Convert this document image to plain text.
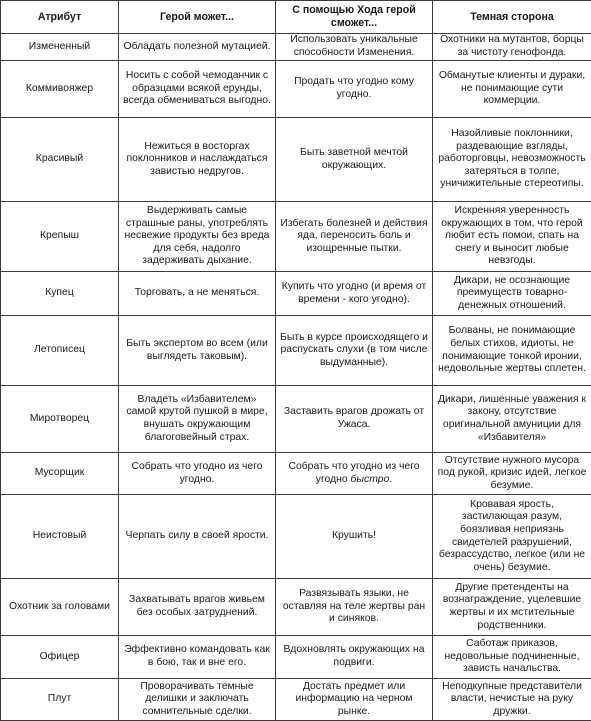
Атрибут	Герой может...	С помощью Хода герой сможет...	Темная сторона
Измененный	Обладать полезной мутацией.	Использовать уникальные способности Изменения.	Охотники на мутантов, борцы за чистоту генофонда.
Коммивояжер	Носить с собой чемоданчик с образцами всякой ерунды, всегда обмениваться выгодно.	Продать что угодно кому угодно.	Обманутые клиенты и дураки, не понимающие сути коммерции.
Красивый	Нежиться в восторгах поклонников и наслаждаться завистью недругов.	Быть заветной мечтой окружающих.	Назойливые поклонники, раздевающие взгляды, работорговцы, невозможность затеряться в толпе, уничижительные стереотипы.
Крепыш	Выдерживать самые страшные раны, употреблять несвежие продукты без вреда для себя, надолго задерживать дыхание.	Избегать болезней и действия яда, переносить боль и изощренные пытки.	Искренняя уверенность окружающих в том, что герой любит есть помои, спать на снегу и выносит любые невзгоды.
Купец	Торговать, а не меняться.	Купить что угодно (и время от времени - кого угодно).	Дикари, не осознающие преимуществ товарно-денежных отношений.
Летописец	Быть экспертом во всем (или выглядеть таковым).	Быть в курсе происходящего и распускать слухи (в том числе выдуманные).	Болваны, не понимающие белых стихов, идиоты, не понимающие тонкой иронии, недовольные жертвы сплетен.
Миротворец	Владеть «Избавителем» самой крутой пушкой в мире, внушать окружающим благоговейный страх.	Заставить врагов дрожать от Ужаса.	Дикари, лишенные уважения к закону, отсутствие оригинальной амуниции для «Избавителя»
Мусорщик	Собрать что угодно из чего угодно.	Собрать что угодно из чего угодно быстро.	Отсутствие нужного мусора под рукой, кризис идей, легкое безумие.
Неистовый	Черпать силу в своей ярости.	Крушить!	Кровавая ярость, застилающая разум, боязливая неприязнь свидетелей разрушений, безрассудство, легкое (или не очень) безумие.
Охотник за головами	Захватывать врагов живьем без особых затруднений.	Развязывать языки, не оставляя на теле жертвы ран и синяков.	Другие претенденты на вознаграждение, уцелевшие жертвы и их мстительные родственники.
Офицер	Эффективно командовать как в бою, так и вне его.	Вдохновлять окружающих на подвиги.	Саботаж приказов, недовольные подчиненные, зависть начальства.
Плут	Проворачивать темные делишки и заключать сомнительные сделки.	Достать предмет или информацию на черном рынке.	Неподкупные представители власти, нечистые на руку дружки.
